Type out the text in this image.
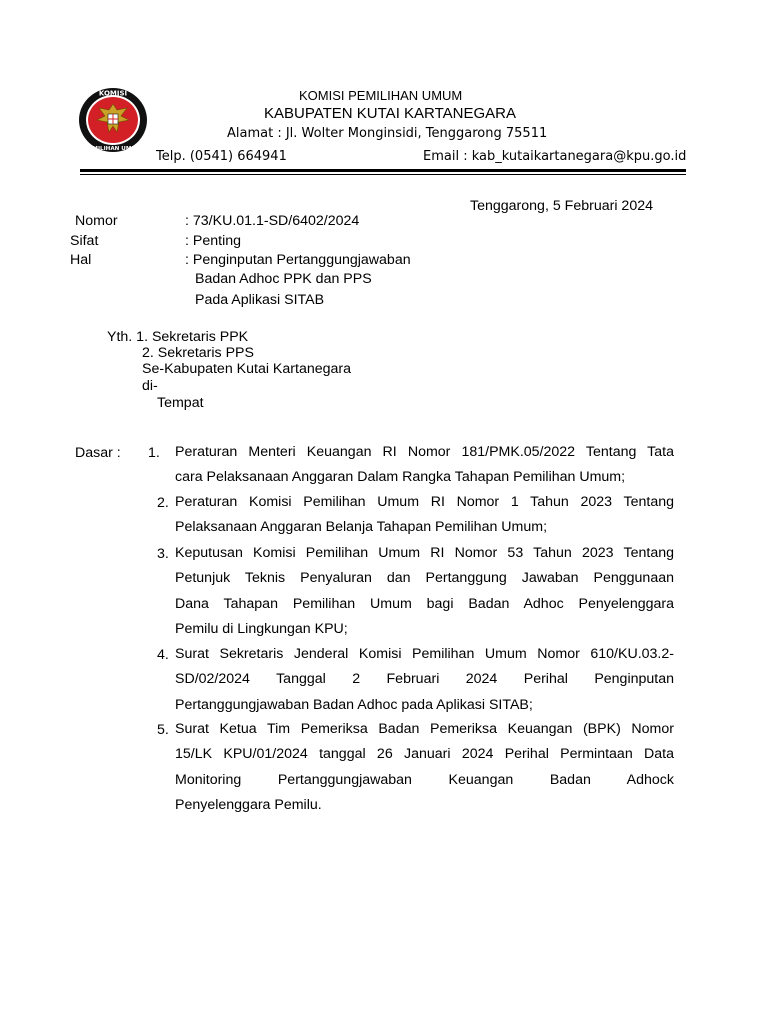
KOMISI
PEMILIHAN UMUM
KOMISI PEMILIHAN UMUM
KABUPATEN KUTAI KARTANEGARA
Alamat : Jl. Wolter Monginsidi, Tenggarong 75511
Telp. (0541) 664941	Email : kab_kutaikartanegara@kpu.go.id
Tenggarong, 5 Februari 2024
Nomor	: 73/KU.01.1-SD/6402/2024
Sifat	: Penting
Hal	: Penginputan Pertanggungjawaban
Badan Adhoc PPK dan PPS
Pada Aplikasi SITAB
Yth. 1. Sekretaris PPK
2. Sekretaris PPS
Se-Kabupaten Kutai Kartanegara
di-
Tempat
Dasar : 1. Peraturan Menteri Keuangan RI Nomor 181/PMK.05/2022 Tentang Tata
cara Pelaksanaan Anggaran Dalam Rangka Tahapan Pemilihan Umum;
2. Peraturan Komisi Pemilihan Umum RI Nomor 1 Tahun 2023 Tentang
Pelaksanaan Anggaran Belanja Tahapan Pemilihan Umum;
3. Keputusan Komisi Pemilihan Umum RI Nomor 53 Tahun 2023 Tentang
Petunjuk Teknis Penyaluran dan Pertanggung Jawaban Penggunaan
Dana Tahapan Pemilihan Umum bagi Badan Adhoc Penyelenggara
Pemilu di Lingkungan KPU;
4. Surat Sekretaris Jenderal Komisi Pemilihan Umum Nomor 610/KU.03.2-
SD/02/2024 Tanggal 2 Februari 2024 Perihal Penginputan
Pertanggungjawaban Badan Adhoc pada Aplikasi SITAB;
5. Surat Ketua Tim Pemeriksa Badan Pemeriksa Keuangan (BPK) Nomor
15/LK KPU/01/2024 tanggal 26 Januari 2024 Perihal Permintaan Data
Monitoring Pertanggungjawaban Keuangan Badan Adhock
Penyelenggara Pemilu.
